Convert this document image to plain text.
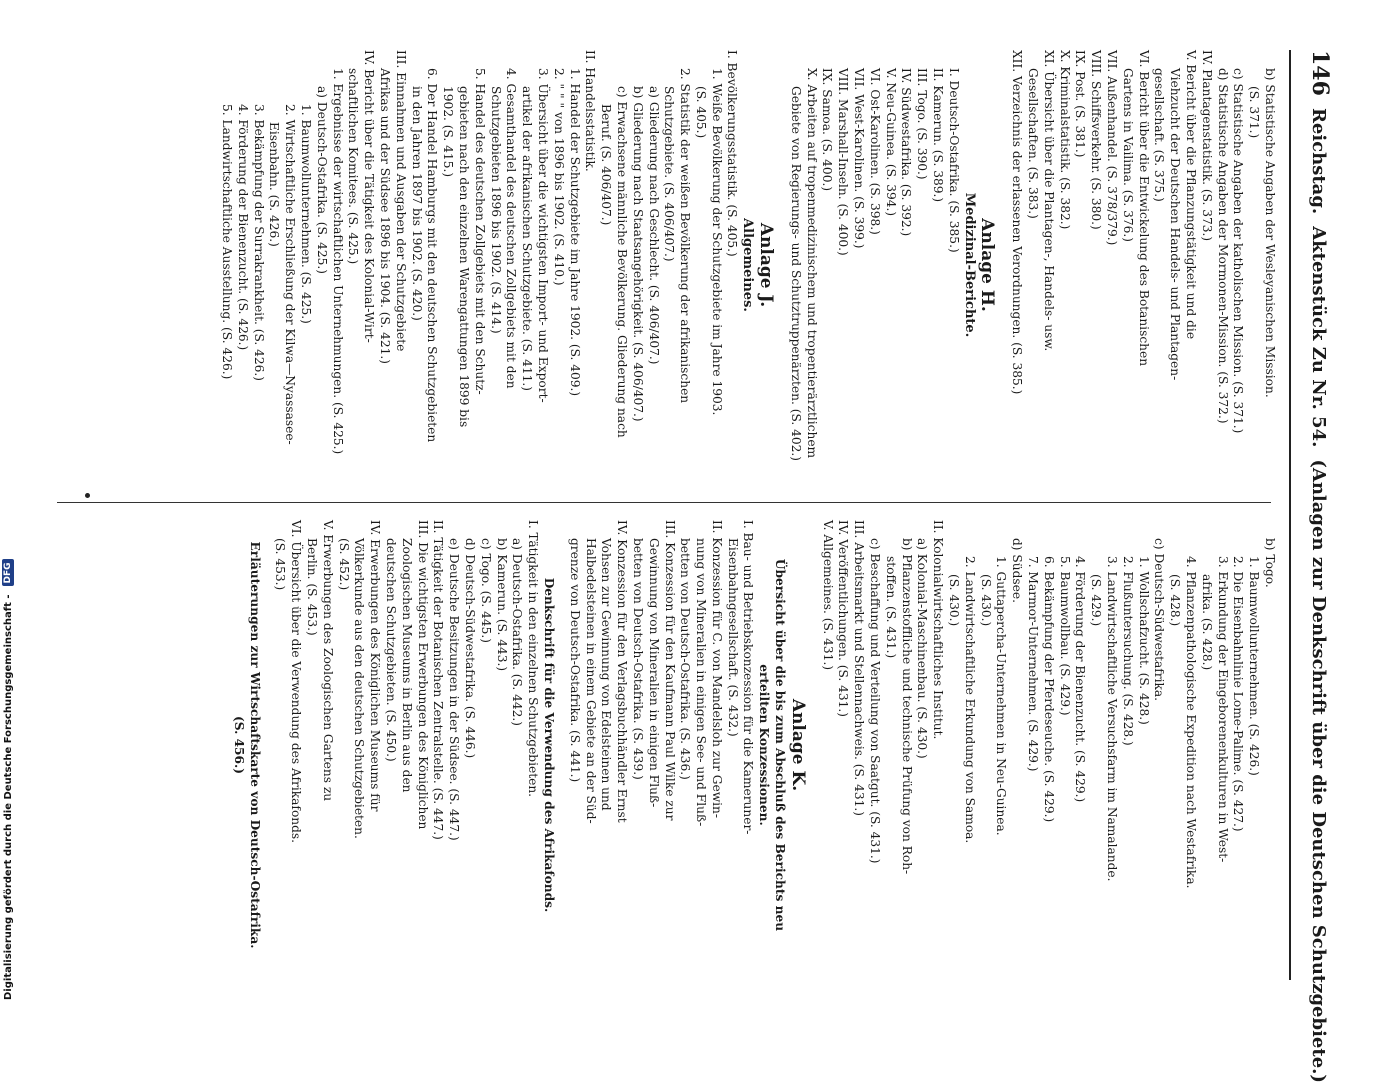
146
Reichstag.
Aktenstück Zu Nr. 54.
(Anlagen zur Denkschrift über die Deutschen Schutzgebiete.)
b) Statistische Angaben der Wesleyanischen Mission.
(S. 371.)
c) Statistische Angaben der katholischen Mission. (S. 371.)
d) Statistische Angaben der Mormonen-Mission. (S. 372.)
IV. Plantagenstatistik. (S. 373.)
V. Bericht über die Pflanzungstätigkeit und die
Viehzucht der Deutschen Handels- und Plantagen-
gesellschaft. (S. 375.)
VI. Bericht über die Entwickelung des Botanischen
Gartens in Vailima. (S. 376.)
VII. Außenhandel. (S. 378/379.)
VIII. Schiffsverkehr. (S. 380.)
IX. Post. (S. 381.)
X. Kriminalstatistik. (S. 382.)
XI. Übersicht über die Plantagen-, Handels- usw.
Gesellschaften. (S. 383.)
XII. Verzeichnis der erlassenen Verordnungen. (S. 385.)
Anlage H.
Medizinal-Berichte.
I. Deutsch-Ostafrika. (S. 385.)
II. Kamerun. (S. 389.)
III. Togo. (S. 390.)
IV. Südwestafrika. (S. 392.)
V. Neu-Guinea. (S. 394.)
VI. Ost-Karolinen. (S. 398.)
VII. West-Karolinen. (S. 399.)
VIII. Marshall-Inseln. (S. 400.)
IX. Samoa. (S. 400.)
X. Arbeiten auf tropenmedizinischem und tropentierärztlichem
Gebiete von Regierungs- und Schutztruppenärzten. (S. 402.)
Anlage J.
Allgemeines.
I. Bevölkerungsstatistik. (S. 405.)
1. Weiße Bevölkerung der Schutzgebiete im Jahre 1903.
(S. 405.)
2. Statistik der weißen Bevölkerung der afrikanischen
Schutzgebiete. (S. 406/407.)
a) Gliederung nach Geschlecht. (S. 406/407.)
b) Gliederung nach Staatsangehörigkeit. (S. 406/407.)
c) Erwachsene männliche Bevölkerung. Gliederung nach
Beruf. (S. 406/407.)
II. Handelsstatistik.
1. Handel der Schutzgebiete im Jahre 1902. (S. 409.)
2. " " " von 1896 bis 1902. (S. 410.)
3. Übersicht über die wichtigsten Import- und Export-
artikel der afrikanischen Schutzgebiete. (S. 411.)
4. Gesamthandel des deutschen Zollgebiets mit den
Schutzgebieten 1896 bis 1902. (S. 414.)
5. Handel des deutschen Zollgebiets mit den Schutz-
gebieten nach den einzelnen Warengattungen 1899 bis
1902. (S. 415.)
6. Der Handel Hamburgs mit den deutschen Schutzgebieten
in den Jahren 1897 bis 1902. (S. 420.)
III. Einnahmen und Ausgaben der Schutzgebiete
Afrikas und der Südsee 1896 bis 1904. (S. 421.)
IV. Bericht über die Tätigkeit des Kolonial-Wirt-
schaftlichen Komitees. (S. 425.)
1. Ergebnisse der wirtschaftlichen Unternehmungen. (S. 425.)
a) Deutsch-Ostafrika. (S. 425.)
1. Baumwollunternehmen. (S. 425.)
2. Wirtschaftliche Erschließung der Kilwa—Nyassasee-
Eisenbahn. (S. 426.)
3. Bekämpfung der Surrakrankheit. (S. 426.)
4. Förderung der Bienenzucht. (S. 426.)
5. Landwirtschaftliche Ausstellung. (S. 426.)
b) Togo.
1. Baumwollunternehmen. (S. 426.)
2. Die Eisenbahnlinie Lome-Palime. (S. 427.)
3. Erkundung der Eingeborenenkulturen in West-
afrika. (S. 428.)
4. Pflanzenpathologische Expedition nach Westafrika.
(S. 428.)
c) Deutsch-Südwestafrika.
1. Wollschafzucht. (S. 428.)
2. Flußuntersuchung. (S. 428.)
3. Landwirtschaftliche Versuchsfarm im Namalande.
(S. 429.)
4. Förderung der Bienenzucht. (S. 429.)
5. Baumwollbau. (S. 429.)
6. Bekämpfung der Pferdeseuche. (S. 429.)
7. Marmor-Unternehmen. (S. 429.)
d) Südsee.
1. Guttapercha-Unternehmen in Neu-Guinea.
(S. 430.)
2. Landwirtschaftliche Erkundung von Samoa.
(S. 430.)
II. Kolonialwirtschaftliches Institut.
a) Kolonial-Maschinenbau. (S. 430.)
b) Pflanzenstoffliche und technische Prüfung von Roh-
stoffen. (S. 431.)
c) Beschaffung und Verteilung von Saatgut. (S. 431.)
III. Arbeitsmarkt und Stellennachweis. (S. 431.)
IV. Veröffentlichungen. (S. 431.)
V. Allgemeines. (S. 431.)
Anlage K.
Übersicht über die bis zum Abschluß des Berichts neu
erteilten Konzessionen.
I. Bau- und Betriebskonzession für die Kameruner-
Eisenbahngesellschaft. (S. 432.)
II. Konzession für C. von Mandelsloh zur Gewin-
nung von Mineralien in einigen See- und Fluß-
betten von Deutsch-Ostafrika. (S. 436.)
III. Konzession für den Kaufmann Paul Wilke zur
Gewinnung von Mineralien in einigen Fluß-
betten von Deutsch-Ostafrika. (S. 439.)
IV. Konzession für den Verlagsbuchhändler Ernst
Vohsen zur Gewinnung von Edelsteinen und
Halbedelsteinen in einem Gebiete an der Süd-
grenze von Deutsch-Ostafrika. (S. 441.)
Denkschrift für die Verwendung des Afrikafonds.
I. Tätigkeit in den einzelnen Schutzgebieten.
a) Deutsch-Ostafrika. (S. 442.)
b) Kamerun. (S. 443.)
c) Togo. (S. 445.)
d) Deutsch-Südwestafrika. (S. 446.)
e) Deutsche Besitzungen in der Südsee. (S. 447.)
II. Tätigkeit der Botanischen Zentralstelle. (S. 447.)
III. Die wichtigsten Erwerbungen des Königlichen
Zoologischen Museums in Berlin aus den
deutschen Schutzgebieten. (S. 450.)
IV. Erwerbungen des Königlichen Museums für
Völkerkunde aus den deutschen Schutzgebieten.
(S. 452.)
V. Erwerbungen des Zoologischen Gartens zu
Berlin. (S. 453.)
VI. Übersicht über die Verwendung des Afrikafonds.
(S. 453.)
Erläuterungen zur Wirtschaftskarte von Deutsch-Ostafrika.
(S. 456.)
Digitalisierung gefördert durch die Deutsche Forschungsgemeinschaft -
DFG
